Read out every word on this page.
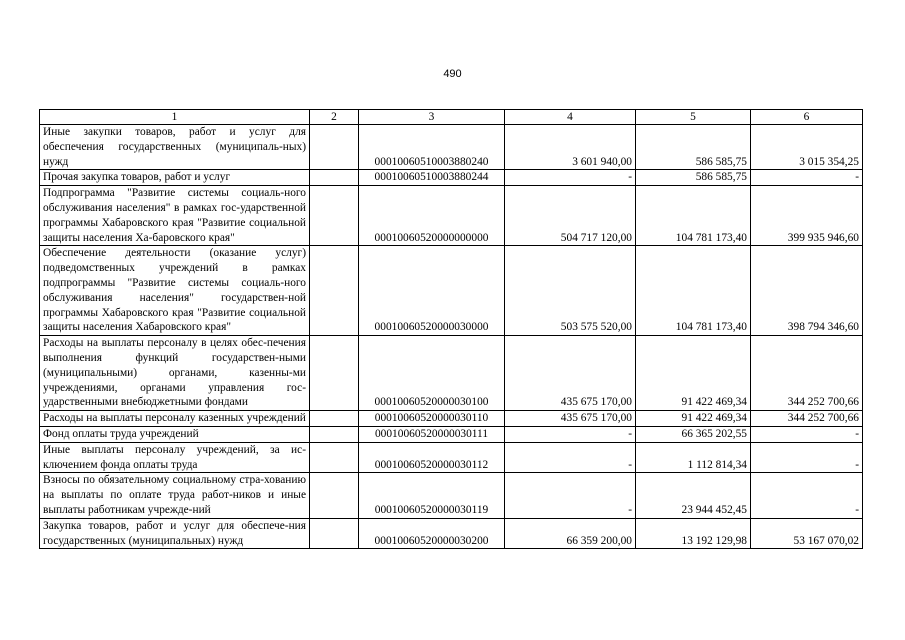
490
1	2	3	4	5	6
Иные закупки товаров, работ и услуг для обеспечения государственных (муниципаль-ных) нужд		00010060510003880240	3 601 940,00	586 585,75	3 015 354,25
Прочая закупка товаров, работ и услуг		00010060510003880244	-	586 585,75	-
Подпрограмма "Развитие системы социаль-ного обслуживания населения" в рамках гос-ударственной программы Хабаровского края "Развитие социальной защиты населения Ха-баровского края"		00010060520000000000	504 717 120,00	104 781 173,40	399 935 946,60
Обеспечение деятельности (оказание услуг) подведомственных учреждений в рамках подпрограммы "Развитие системы социаль-ного обслуживания населения" государствен-ной программы Хабаровского края "Развитие социальной защиты населения Хабаровского края"		00010060520000030000	503 575 520,00	104 781 173,40	398 794 346,60
Расходы на выплаты персоналу в целях обес-печения выполнения функций государствен-ными (муниципальными) органами, казенны-ми учреждениями, органами управления гос-ударственными внебюджетными фондами		00010060520000030100	435 675 170,00	91 422 469,34	344 252 700,66
Расходы на выплаты персоналу казенных учреждений		00010060520000030110	435 675 170,00	91 422 469,34	344 252 700,66
Фонд оплаты труда учреждений		00010060520000030111	-	66 365 202,55	-
Иные выплаты персоналу учреждений, за ис-ключением фонда оплаты труда		00010060520000030112	-	1 112 814,34	-
Взносы по обязательному социальному стра-хованию на выплаты по оплате труда работ-ников и иные выплаты работникам учрежде-ний		00010060520000030119	-	23 944 452,45	-
Закупка товаров, работ и услуг для обеспече-ния государственных (муниципальных) нужд		00010060520000030200	66 359 200,00	13 192 129,98	53 167 070,02
